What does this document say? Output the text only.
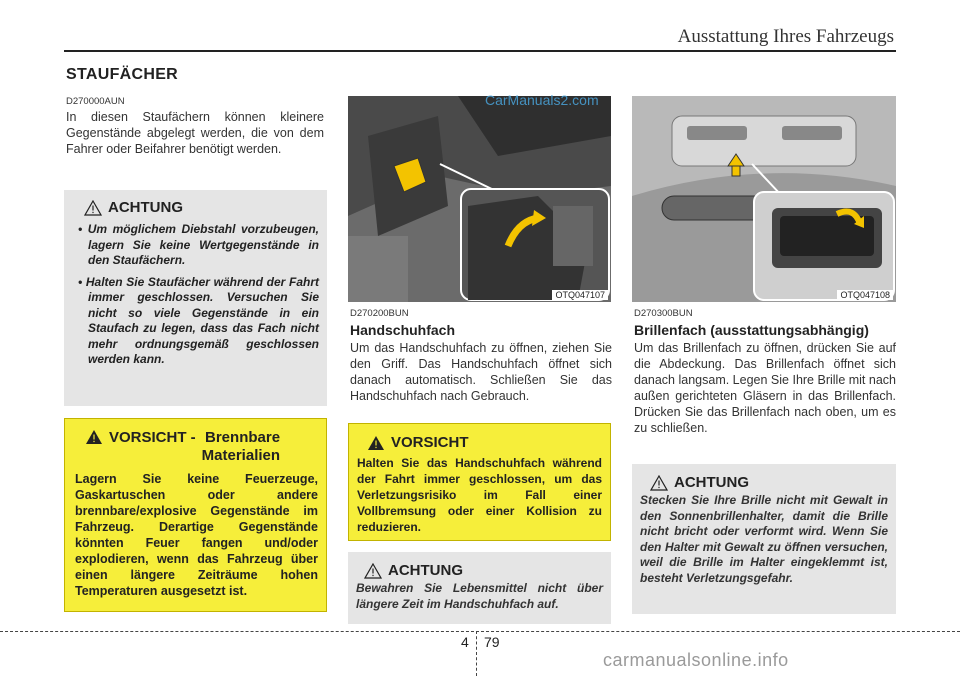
Ausstattung Ihres Fahrzeugs
STAUFÄCHER
D270000AUN
In diesen Staufächern können kleinere Gegenstände abgelegt werden, die von dem Fahrer oder Beifahrer benötigt werden.
ACHTUNG
• Um möglichem Diebstahl vorzubeugen, lagern Sie keine Wertgegenstände in den Staufächern.
• Halten Sie Staufächer während der Fahrt immer geschlossen. Versuchen Sie nicht so viele Gegenstände in ein Staufach zu legen, dass das Fach nicht mehr ordnungsgemäß geschlossen werden kann.
VORSICHT - Brennbare
Materialien
Lagern Sie keine Feuerzeuge, Gaskartuschen oder andere brennbare/explosive Gegenstände im Fahrzeug. Derartige Gegenstände könnten Feuer fangen und/oder explodieren, wenn das Fahrzeug über einen längere Zeiträume hohen Temperaturen ausgesetzt ist.
OTQ047107
D270200BUN
Handschuhfach
Um das Handschuhfach zu öffnen, ziehen Sie den Griff. Das Handschuhfach öffnet sich danach automatisch. Schließen Sie das Handschuhfach nach Gebrauch.
VORSICHT
Halten Sie das Handschuhfach während der Fahrt immer geschlossen, um das Verletzungsrisiko im Fall einer Vollbremsung oder einer Kollision zu reduzieren.
ACHTUNG
Bewahren Sie Lebensmittel nicht über längere Zeit im Handschuhfach auf.
OTQ047108
D270300BUN
Brillenfach (ausstattungsabhängig)
Um das Brillenfach zu öffnen, drücken Sie auf die Abdeckung. Das Brillenfach öffnet sich danach langsam. Legen Sie Ihre Brille mit nach außen gerichteten Gläsern in das Brillenfach. Drücken Sie das Brillenfach nach oben, um es zu schließen.
ACHTUNG
Stecken Sie Ihre Brille nicht mit Gewalt in den Sonnenbrillenhalter, damit die Brille nicht bricht oder verformt wird. Wenn Sie den Halter mit Gewalt zu öffnen versuchen, weil die Brille im Halter eingeklemmt ist, besteht Verletzungsgefahr.
4 79
CarManuals2.com
carmanualsonline.info
